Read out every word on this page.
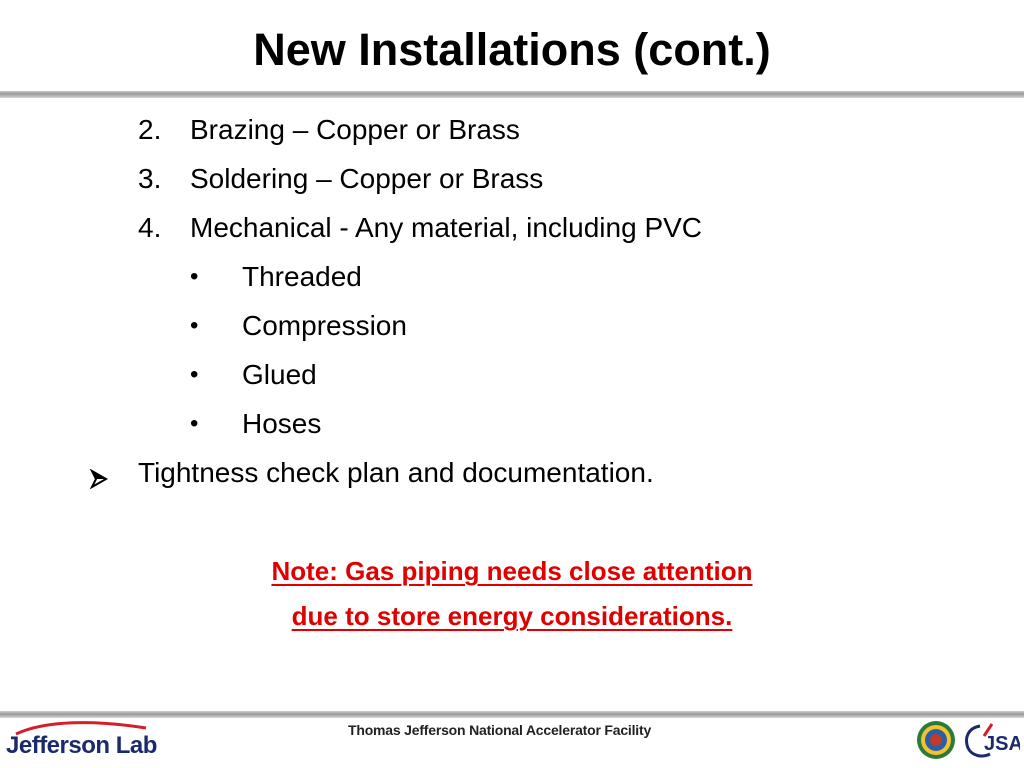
New Installations (cont.)
2.	Brazing – Copper or Brass
3.	Soldering – Copper or Brass
4.	Mechanical - Any material, including PVC
• Threaded
• Compression
• Glued
• Hoses
Tightness check plan and documentation.
Note: Gas piping needs close attention
due to store energy considerations.
Jefferson Lab
Thomas Jefferson National Accelerator Facility
JSA
